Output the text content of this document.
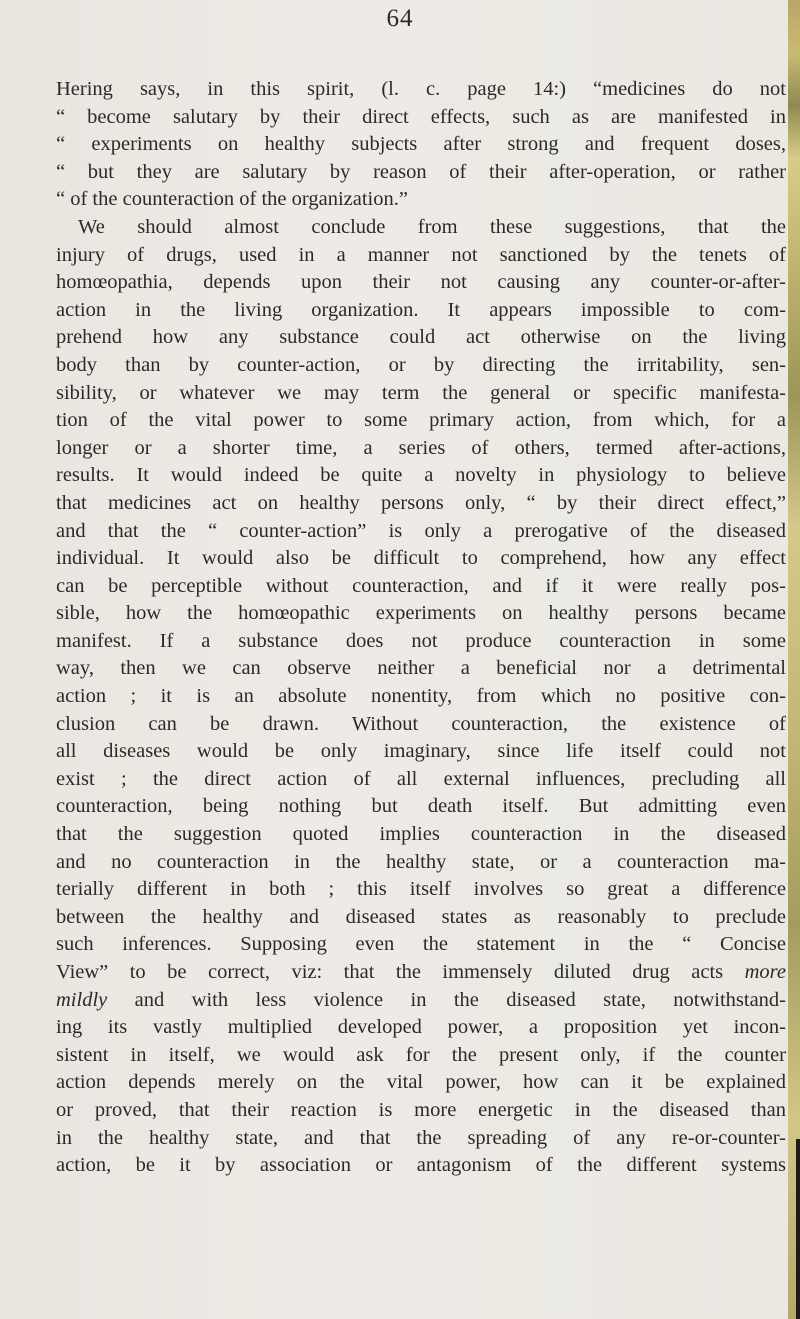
64
Hering says, in this spirit, (l. c. page 14:) “medicines do not
“ become salutary by their direct effects, such as are manifested in
“ experiments on healthy subjects after strong and frequent doses,
“ but they are salutary by reason of their after-operation, or rather
“ of the counteraction of the organization.”
We should almost conclude from these suggestions, that the
injury of drugs, used in a manner not sanctioned by the tenets of
homœopathia, depends upon their not causing any counter-or-after-
action in the living organization. It appears impossible to com-
prehend how any substance could act otherwise on the living
body than by counter-action, or by directing the irritability, sen-
sibility, or whatever we may term the general or specific manifesta-
tion of the vital power to some primary action, from which, for a
longer or a shorter time, a series of others, termed after-actions,
results. It would indeed be quite a novelty in physiology to believe
that medicines act on healthy persons only, “ by their direct effect,”
and that the “ counter-action” is only a prerogative of the diseased
individual. It would also be difficult to comprehend, how any effect
can be perceptible without counteraction, and if it were really pos-
sible, how the homœopathic experiments on healthy persons became
manifest. If a substance does not produce counteraction in some
way, then we can observe neither a beneficial nor a detrimental
action ; it is an absolute nonentity, from which no positive con-
clusion can be drawn. Without counteraction, the existence of
all diseases would be only imaginary, since life itself could not
exist ; the direct action of all external influences, precluding all
counteraction, being nothing but death itself. But admitting even
that the suggestion quoted implies counteraction in the diseased
and no counteraction in the healthy state, or a counteraction ma-
terially different in both ; this itself involves so great a difference
between the healthy and diseased states as reasonably to preclude
such inferences. Supposing even the statement in the “ Concise
View” to be correct, viz: that the immensely diluted drug acts more
mildly and with less violence in the diseased state, notwithstand-
ing its vastly multiplied developed power, a proposition yet incon-
sistent in itself, we would ask for the present only, if the counter
action depends merely on the vital power, how can it be explained
or proved, that their reaction is more energetic in the diseased than
in the healthy state, and that the spreading of any re-or-counter-
action, be it by association or antagonism of the different systems
